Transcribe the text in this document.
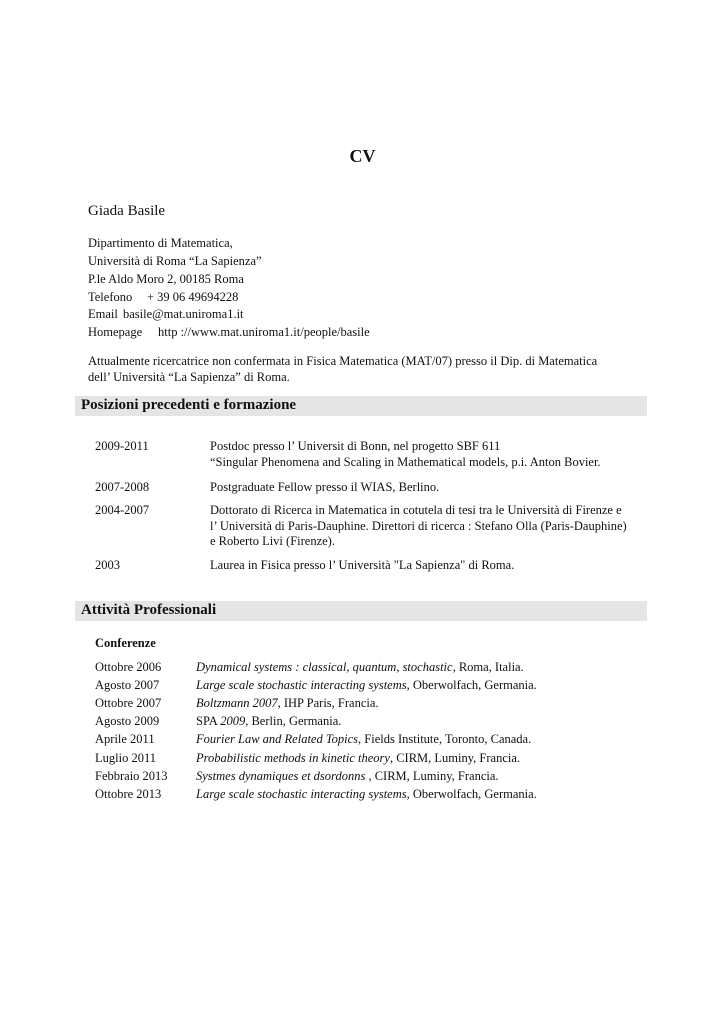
CV
Giada Basile
Dipartimento di Matematica,
Università di Roma “La Sapienza”
P.le Aldo Moro 2, 00185 Roma
Telefono + 39 06 49694228
Email basile@mat.uniroma1.it
Homepage http ://www.mat.uniroma1.it/people/basile
Attualmente ricercatrice non confermata in Fisica Matematica (MAT/07) presso il Dip. di Matematica
dell’ Università “La Sapienza” di Roma.
Posizioni precedenti e formazione
2009-2011	Postdoc presso l’ Universit di Bonn, nel progetto SBF 611
“Singular Phenomena and Scaling in Mathematical models, p.i. Anton Bovier.
2007-2008	Postgraduate Fellow presso il WIAS, Berlino.
2004-2007	Dottorato di Ricerca in Matematica in cotutela di tesi tra le Università di Firenze e
l’ Università di Paris-Dauphine. Direttori di ricerca : Stefano Olla (Paris-Dauphine)
e Roberto Livi (Firenze).
2003	Laurea in Fisica presso l’ Università "La Sapienza" di Roma.
Attività Professionali
Conferenze
Ottobre 2006	Dynamical systems : classical, quantum, stochastic, Roma, Italia.
Agosto 2007	Large scale stochastic interacting systems, Oberwolfach, Germania.
Ottobre 2007	Boltzmann 2007, IHP Paris, Francia.
Agosto 2009	SPA 2009, Berlin, Germania.
Aprile 2011	Fourier Law and Related Topics, Fields Institute, Toronto, Canada.
Luglio 2011	Probabilistic methods in kinetic theory, CIRM, Luminy, Francia.
Febbraio 2013 Systmes dynamiques et dsordonns , CIRM, Luminy, Francia.
Ottobre 2013	Large scale stochastic interacting systems, Oberwolfach, Germania.
